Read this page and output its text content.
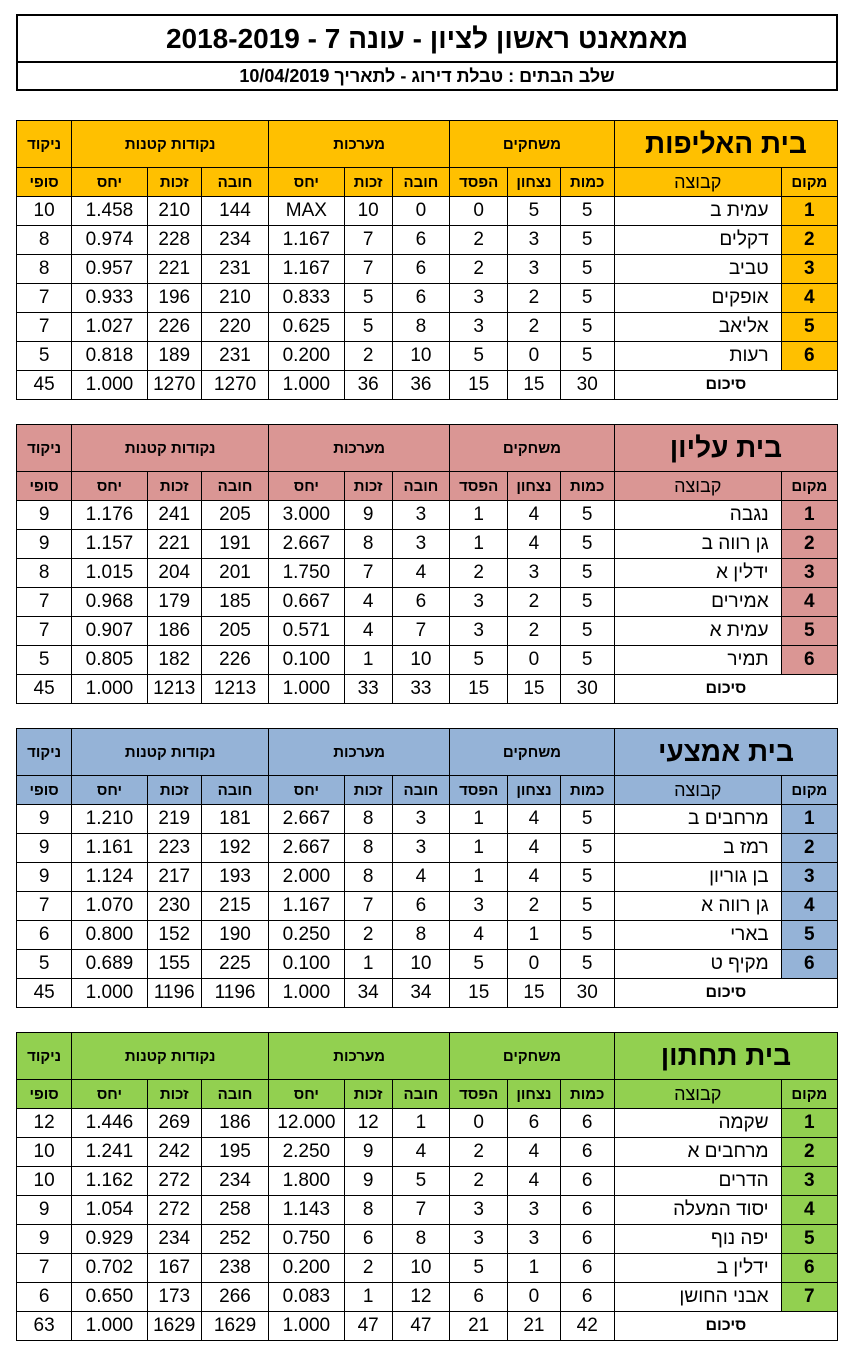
מאמאנט ראשון לציון - עונה 7 - 2018-2019
שלב הבתים : טבלת דירוג - לתאריך 10/04/2019
ניקוד	נקודות קטנות			מערכות			משחקים			בית האליפות	
סופי	יחס	זכות	חובה	יחס	זכות	חובה	הפסד	נצחון	כמות	קבוצה	מקום
10	1.458	210	144	MAX	10	0	0	5	5	עמית ב	1
8	0.974	228	234	1.167	7	6	2	3	5	דקלים	2
8	0.957	221	231	1.167	7	6	2	3	5	טביב	3
7	0.933	196	210	0.833	5	6	3	2	5	אופקים	4
7	1.027	226	220	0.625	5	8	3	2	5	אליאב	5
5	0.818	189	231	0.200	2	10	5	0	5	רעות	6
45	1.000	1270	1270	1.000	36	36	15	15	30	סיכום	
ניקוד	נקודות קטנות			מערכות			משחקים			בית עליון	
סופי	יחס	זכות	חובה	יחס	זכות	חובה	הפסד	נצחון	כמות	קבוצה	מקום
9	1.176	241	205	3.000	9	3	1	4	5	נגבה	1
9	1.157	221	191	2.667	8	3	1	4	5	גן רווה ב	2
8	1.015	204	201	1.750	7	4	2	3	5	ידלין א	3
7	0.968	179	185	0.667	4	6	3	2	5	אמירים	4
7	0.907	186	205	0.571	4	7	3	2	5	עמית א	5
5	0.805	182	226	0.100	1	10	5	0	5	תמיר	6
45	1.000	1213	1213	1.000	33	33	15	15	30	סיכום	
ניקוד	נקודות קטנות			מערכות			משחקים			בית אמצעי	
סופי	יחס	זכות	חובה	יחס	זכות	חובה	הפסד	נצחון	כמות	קבוצה	מקום
9	1.210	219	181	2.667	8	3	1	4	5	מרחבים ב	1
9	1.161	223	192	2.667	8	3	1	4	5	רמז ב	2
9	1.124	217	193	2.000	8	4	1	4	5	בן גוריון	3
7	1.070	230	215	1.167	7	6	3	2	5	גן רווה א	4
6	0.800	152	190	0.250	2	8	4	1	5	בארי	5
5	0.689	155	225	0.100	1	10	5	0	5	מקיף ט	6
45	1.000	1196	1196	1.000	34	34	15	15	30	סיכום	
ניקוד	נקודות קטנות			מערכות			משחקים			בית תחתון	
סופי	יחס	זכות	חובה	יחס	זכות	חובה	הפסד	נצחון	כמות	קבוצה	מקום
12	1.446	269	186	12.000	12	1	0	6	6	שקמה	1
10	1.241	242	195	2.250	9	4	2	4	6	מרחבים א	2
10	1.162	272	234	1.800	9	5	2	4	6	הדרים	3
9	1.054	272	258	1.143	8	7	3	3	6	יסוד המעלה	4
9	0.929	234	252	0.750	6	8	3	3	6	יפה נוף	5
7	0.702	167	238	0.200	2	10	5	1	6	ידלין ב	6
6	0.650	173	266	0.083	1	12	6	0	6	אבני החושן	7
63	1.000	1629	1629	1.000	47	47	21	21	42	סיכום	
